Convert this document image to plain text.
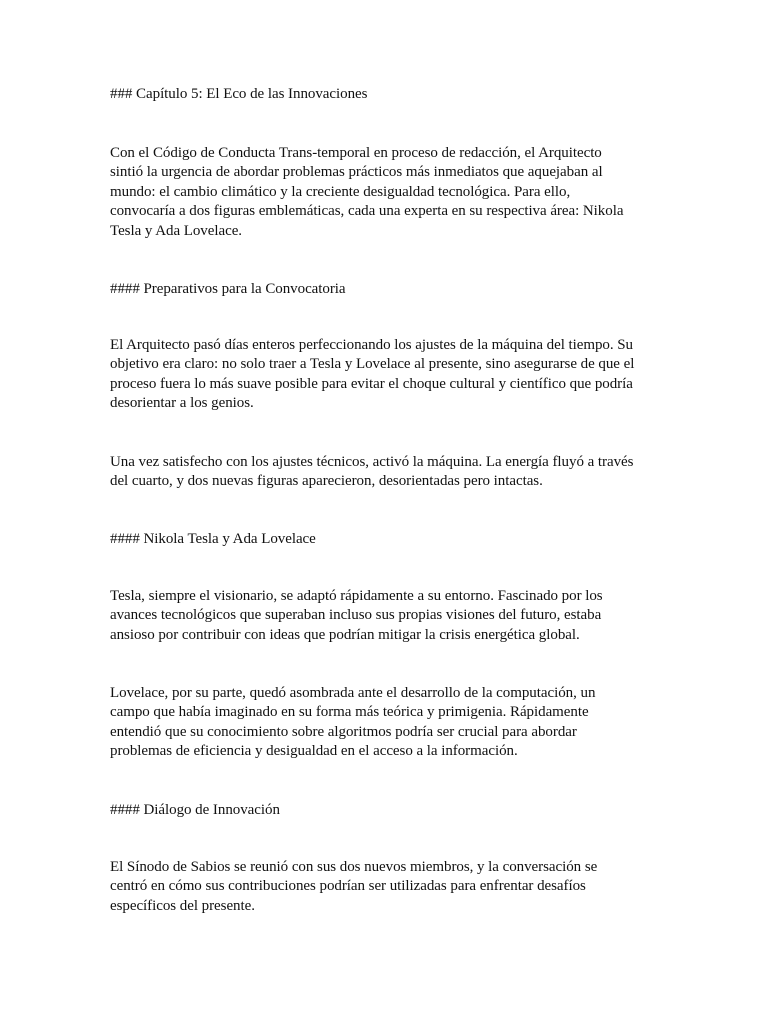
### Capítulo 5: El Eco de las Innovaciones

Con el Código de Conducta Trans-temporal en proceso de redacción, el Arquitecto
sintió la urgencia de abordar problemas prácticos más inmediatos que aquejaban al
mundo: el cambio climático y la creciente desigualdad tecnológica. Para ello,
convocaría a dos figuras emblemáticas, cada una experta en su respectiva área: Nikola
Tesla y Ada Lovelace.

#### Preparativos para la Convocatoria

El Arquitecto pasó días enteros perfeccionando los ajustes de la máquina del tiempo. Su
objetivo era claro: no solo traer a Tesla y Lovelace al presente, sino asegurarse de que el
proceso fuera lo más suave posible para evitar el choque cultural y científico que podría
desorientar a los genios.

Una vez satisfecho con los ajustes técnicos, activó la máquina. La energía fluyó a través
del cuarto, y dos nuevas figuras aparecieron, desorientadas pero intactas.

#### Nikola Tesla y Ada Lovelace

Tesla, siempre el visionario, se adaptó rápidamente a su entorno. Fascinado por los
avances tecnológicos que superaban incluso sus propias visiones del futuro, estaba
ansioso por contribuir con ideas que podrían mitigar la crisis energética global.

Lovelace, por su parte, quedó asombrada ante el desarrollo de la computación, un
campo que había imaginado en su forma más teórica y primigenia. Rápidamente
entendió que su conocimiento sobre algoritmos podría ser crucial para abordar
problemas de eficiencia y desigualdad en el acceso a la información.

#### Diálogo de Innovación

El Sínodo de Sabios se reunió con sus dos nuevos miembros, y la conversación se
centró en cómo sus contribuciones podrían ser utilizadas para enfrentar desafíos
específicos del presente.
